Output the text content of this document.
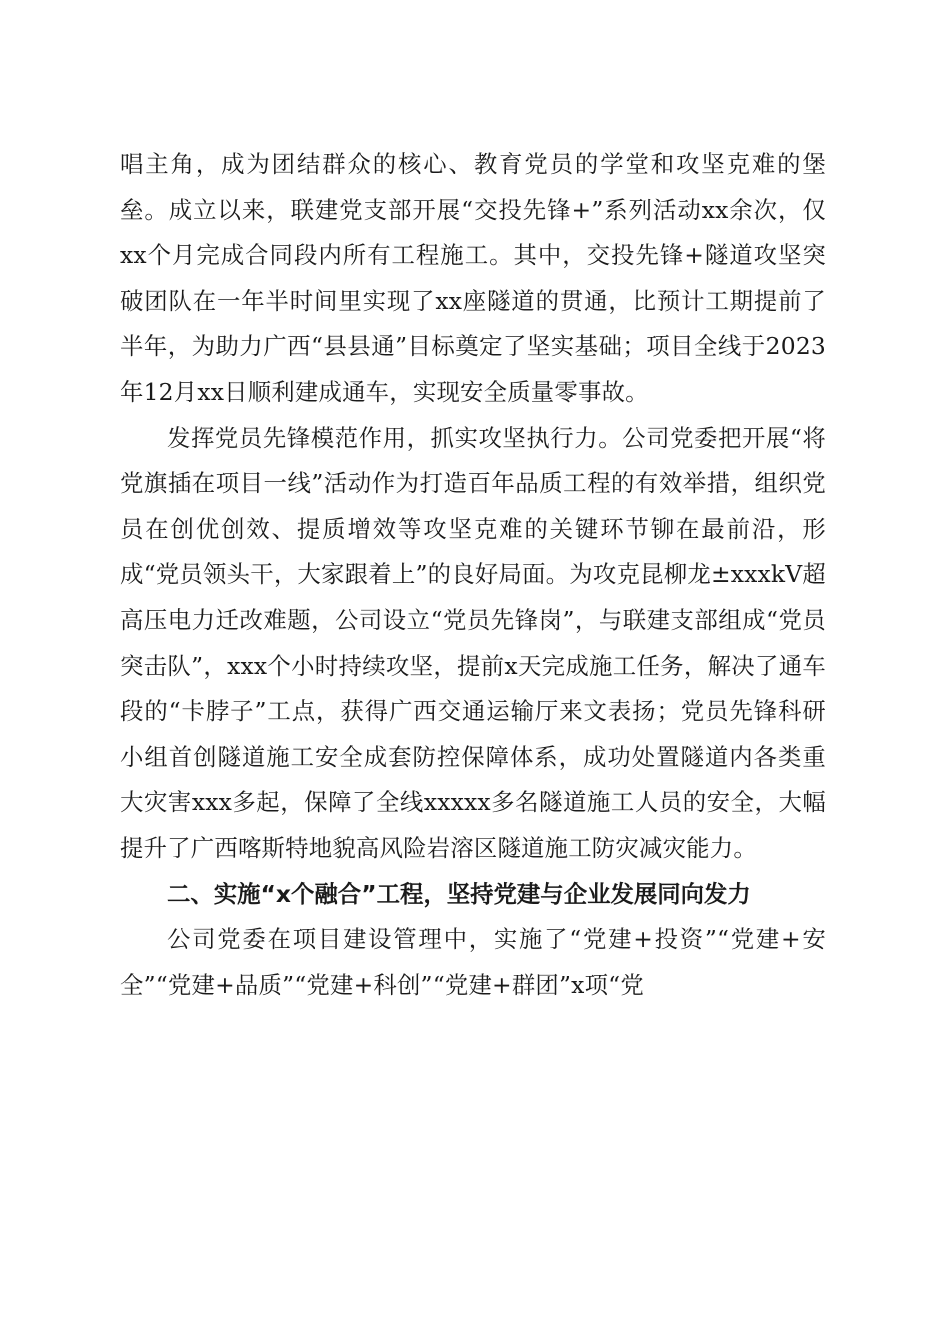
唱主角，成为团结群众的核心、教育党员的学堂和攻坚克难的堡垒。成立以来，联建党支部开展“交投先锋+”系列活动xx余次，仅xx个月完成合同段内所有工程施工。其中，交投先锋+隧道攻坚突破团队在一年半时间里实现了xx座隧道的贯通，比预计工期提前了半年，为助力广西“县县通”目标奠定了坚实基础；项目全线于2023年12月xx日顺利建成通车，实现安全质量零事故。

发挥党员先锋模范作用，抓实攻坚执行力。公司党委把开展“将党旗插在项目一线”活动作为打造百年品质工程的有效举措，组织党员在创优创效、提质增效等攻坚克难的关键环节铆在最前沿，形成“党员领头干，大家跟着上”的良好局面。为攻克昆柳龙±xxxkV超高压电力迁改难题，公司设立“党员先锋岗”，与联建支部组成“党员突击队”，xxx个小时持续攻坚，提前x天完成施工任务，解决了通车段的“卡脖子”工点，获得广西交通运输厅来文表扬；党员先锋科研小组首创隧道施工安全成套防控保障体系，成功处置隧道内各类重大灾害xxx多起，保障了全线xxxxx多名隧道施工人员的安全，大幅提升了广西喀斯特地貌高风险岩溶区隧道施工防灾减灾能力。

二、实施“x个融合”工程，坚持党建与企业发展同向发力

公司党委在项目建设管理中，实施了“党建+投资”“党建+安全”“党建+品质”“党建+科创”“党建+群团”x项“党
